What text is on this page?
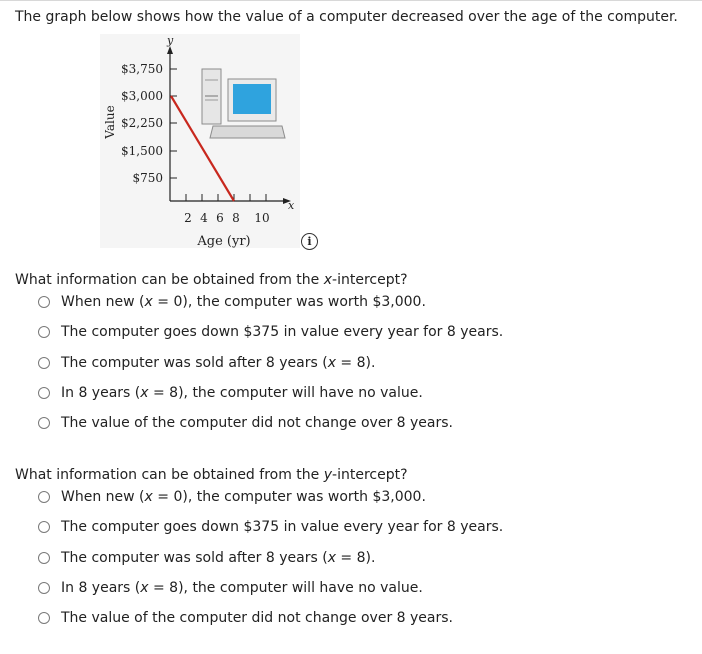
The graph below shows how the value of a computer decreased over the age of the computer.
y
x
$3,750
$3,000
$2,250
$1,500
$750
2 4 6 8 10
Value
Age (yr)	i
What information can be obtained from the x-intercept?
When new (x = 0), the computer was worth $3,000.
The computer goes down $375 in value every year for 8 years.
The computer was sold after 8 years (x = 8).
In 8 years (x = 8), the computer will have no value.
The value of the computer did not change over 8 years.
What information can be obtained from the y-intercept?
When new (x = 0), the computer was worth $3,000.
The computer goes down $375 in value every year for 8 years.
The computer was sold after 8 years (x = 8).
In 8 years (x = 8), the computer will have no value.
The value of the computer did not change over 8 years.
